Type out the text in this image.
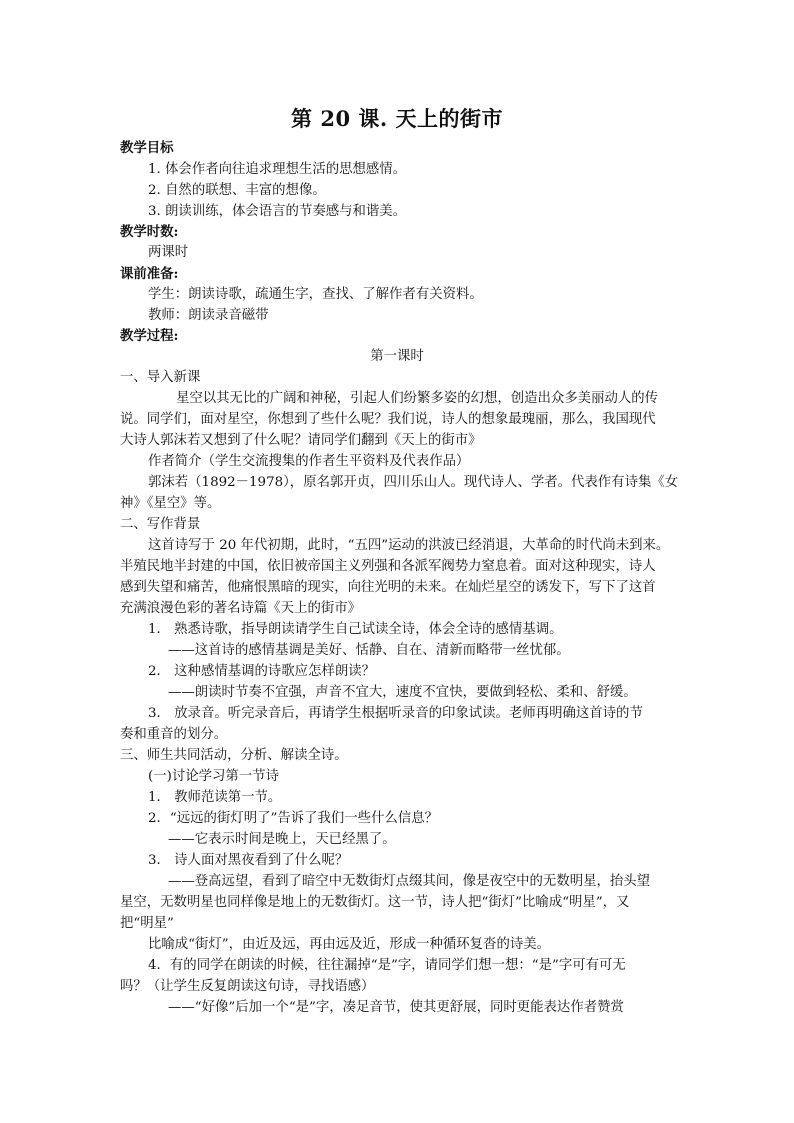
第 20 课. 天上的街市
教学目标
1. 体会作者向往追求理想生活的思想感情。
2. 自然的联想、丰富的想像。
3. 朗读训练，体会语言的节奏感与和谐美。
教学时数:
两课时
课前准备:
学生：朗读诗歌，疏通生字，查找、了解作者有关资料。
教师：朗读录音磁带
教学过程:
第一课时
一、导入新课
星空以其无比的广阔和神秘，引起人们纷繁多姿的幻想，创造出众多美丽动人的传
说。同学们，面对星空，你想到了些什么呢？我们说，诗人的想象最瑰丽，那么，我国现代
大诗人郭沫若又想到了什么呢？请同学们翻到《天上的街市》
作者简介（学生交流搜集的作者生平资料及代表作品）
郭沫若（1892－1978），原名郭开贞，四川乐山人。现代诗人、学者。代表作有诗集《女
神》《星空》等。
二、写作背景
这首诗写于 20 年代初期，此时，“五四”运动的洪波已经消退，大革命的时代尚未到来。
半殖民地半封建的中国，依旧被帝国主义列强和各派军阀势力窒息着。面对这种现实，诗人
感到失望和痛苦，他痛恨黑暗的现实，向往光明的未来。在灿烂星空的诱发下，写下了这首
充满浪漫色彩的著名诗篇《天上的街市》
1． 熟悉诗歌，指导朗读请学生自己试读全诗，体会全诗的感情基调。
——这首诗的感情基调是美好、恬静、自在、清新而略带一丝忧郁。
2． 这种感情基调的诗歌应怎样朗读？
——朗读时节奏不宜强，声音不宜大，速度不宜快，要做到轻松、柔和、舒缓。
3． 放录音。听完录音后，再请学生根据听录音的印象试读。老师再明确这首诗的节
奏和重音的划分。
三、师生共同活动，分析、解读全诗。
(一)讨论学习第一节诗
1． 教师范读第一节。
2．“远远的街灯明了”告诉了我们一些什么信息？
——它表示时间是晚上，天已经黑了。
3． 诗人面对黑夜看到了什么呢？
——登高远望，看到了暗空中无数街灯点缀其间，像是夜空中的无数明星，抬头望
星空，无数明星也同样像是地上的无数街灯。这一节，诗人把“街灯”比喻成“明星”，又
把“明星”
比喻成“街灯”，由近及远，再由远及近，形成一种循环复沓的诗美。
4．有的同学在朗读的时候，往往漏掉“是”字，请同学们想一想：“是”字可有可无
吗？（让学生反复朗读这句诗，寻找语感）
——“好像”后加一个“是”字，凑足音节，使其更舒展，同时更能表达作者赞赏
